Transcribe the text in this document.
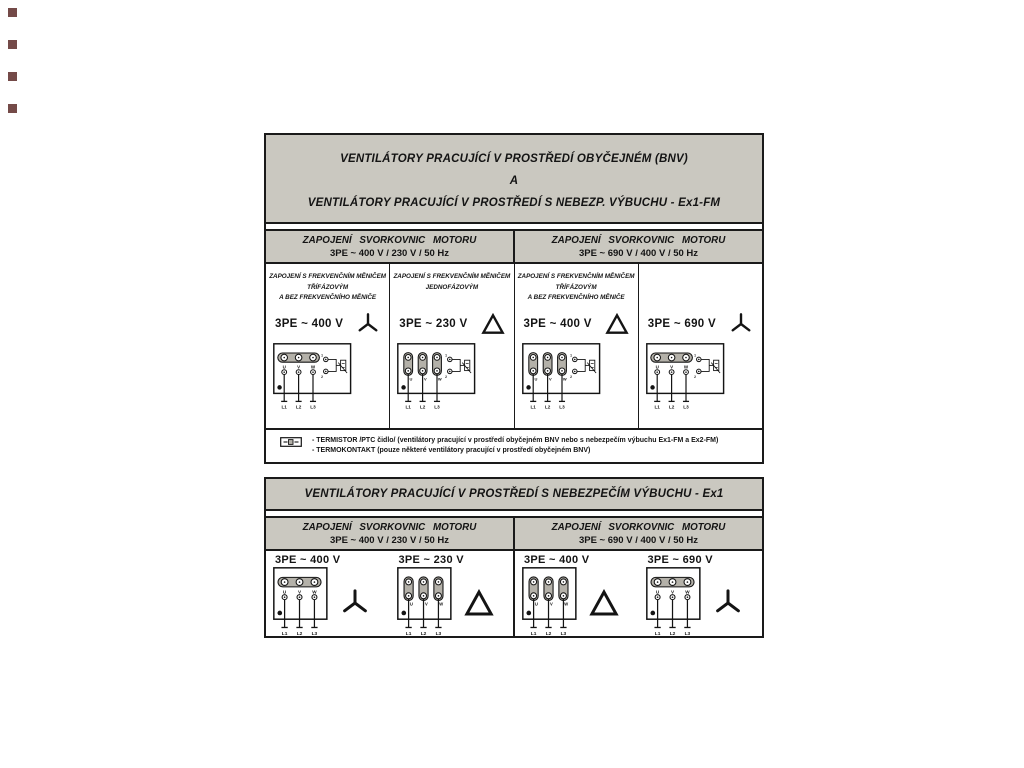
VENTILÁTORY PRACUJÍCÍ V PROSTŘEDÍ OBYČEJNÉM (BNV)
A
VENTILÁTORY PRACUJÍCÍ V PROSTŘEDÍ S NEBEZP. VÝBUCHU - Ex1-FM
ZAPOJENÍ SVORKOVNIC MOTORU
3PE ~ 400 V / 230 V / 50 Hz
ZAPOJENÍ SVORKOVNIC MOTORU
3PE ~ 690 V / 400 V / 50 Hz
ZAPOJENÍ S FREKVENČNÍM MĚNIČEM
TŘÍFÁZOVÝM
A BEZ FREKVENČNÍHO MĚNIČE
3PE ~ 400 V
U V W
L1 L2 L3
1
2
ZAPOJENÍ S FREKVENČNÍM MĚNIČEM
JEDNOFÁZOVÝM
3PE ~ 230 V
U V W
L1 L2 L3
1
2
ZAPOJENÍ S FREKVENČNÍM MĚNIČEM
TŘÍFÁZOVÝM
A BEZ FREKVENČNÍHO MĚNIČE
3PE ~ 400 V
U V W
L1 L2 L3
1
2
3PE ~ 690 V
U V W
L1 L2 L3
1
2
- TERMISTOR /PTC čidlo/ (ventilátory pracující v prostředí obyčejném BNV nebo s nebezpečím výbuchu Ex1-FM a Ex2-FM)
- TERMOKONTAKT (pouze některé ventilátory pracující v prostředí obyčejném BNV)
VENTILÁTORY PRACUJÍCÍ V PROSTŘEDÍ S NEBEZPEČÍM VÝBUCHU - Ex1
ZAPOJENÍ SVORKOVNIC MOTORU
3PE ~ 400 V / 230 V / 50 Hz
ZAPOJENÍ SVORKOVNIC MOTORU
3PE ~ 690 V / 400 V / 50 Hz
3PE ~ 400 V
U V W
L1 L2 L3
3PE ~ 230 V
U V W
L1 L2 L3
3PE ~ 400 V
U V W
L1 L2 L3
3PE ~ 690 V
U V W
L1 L2 L3
